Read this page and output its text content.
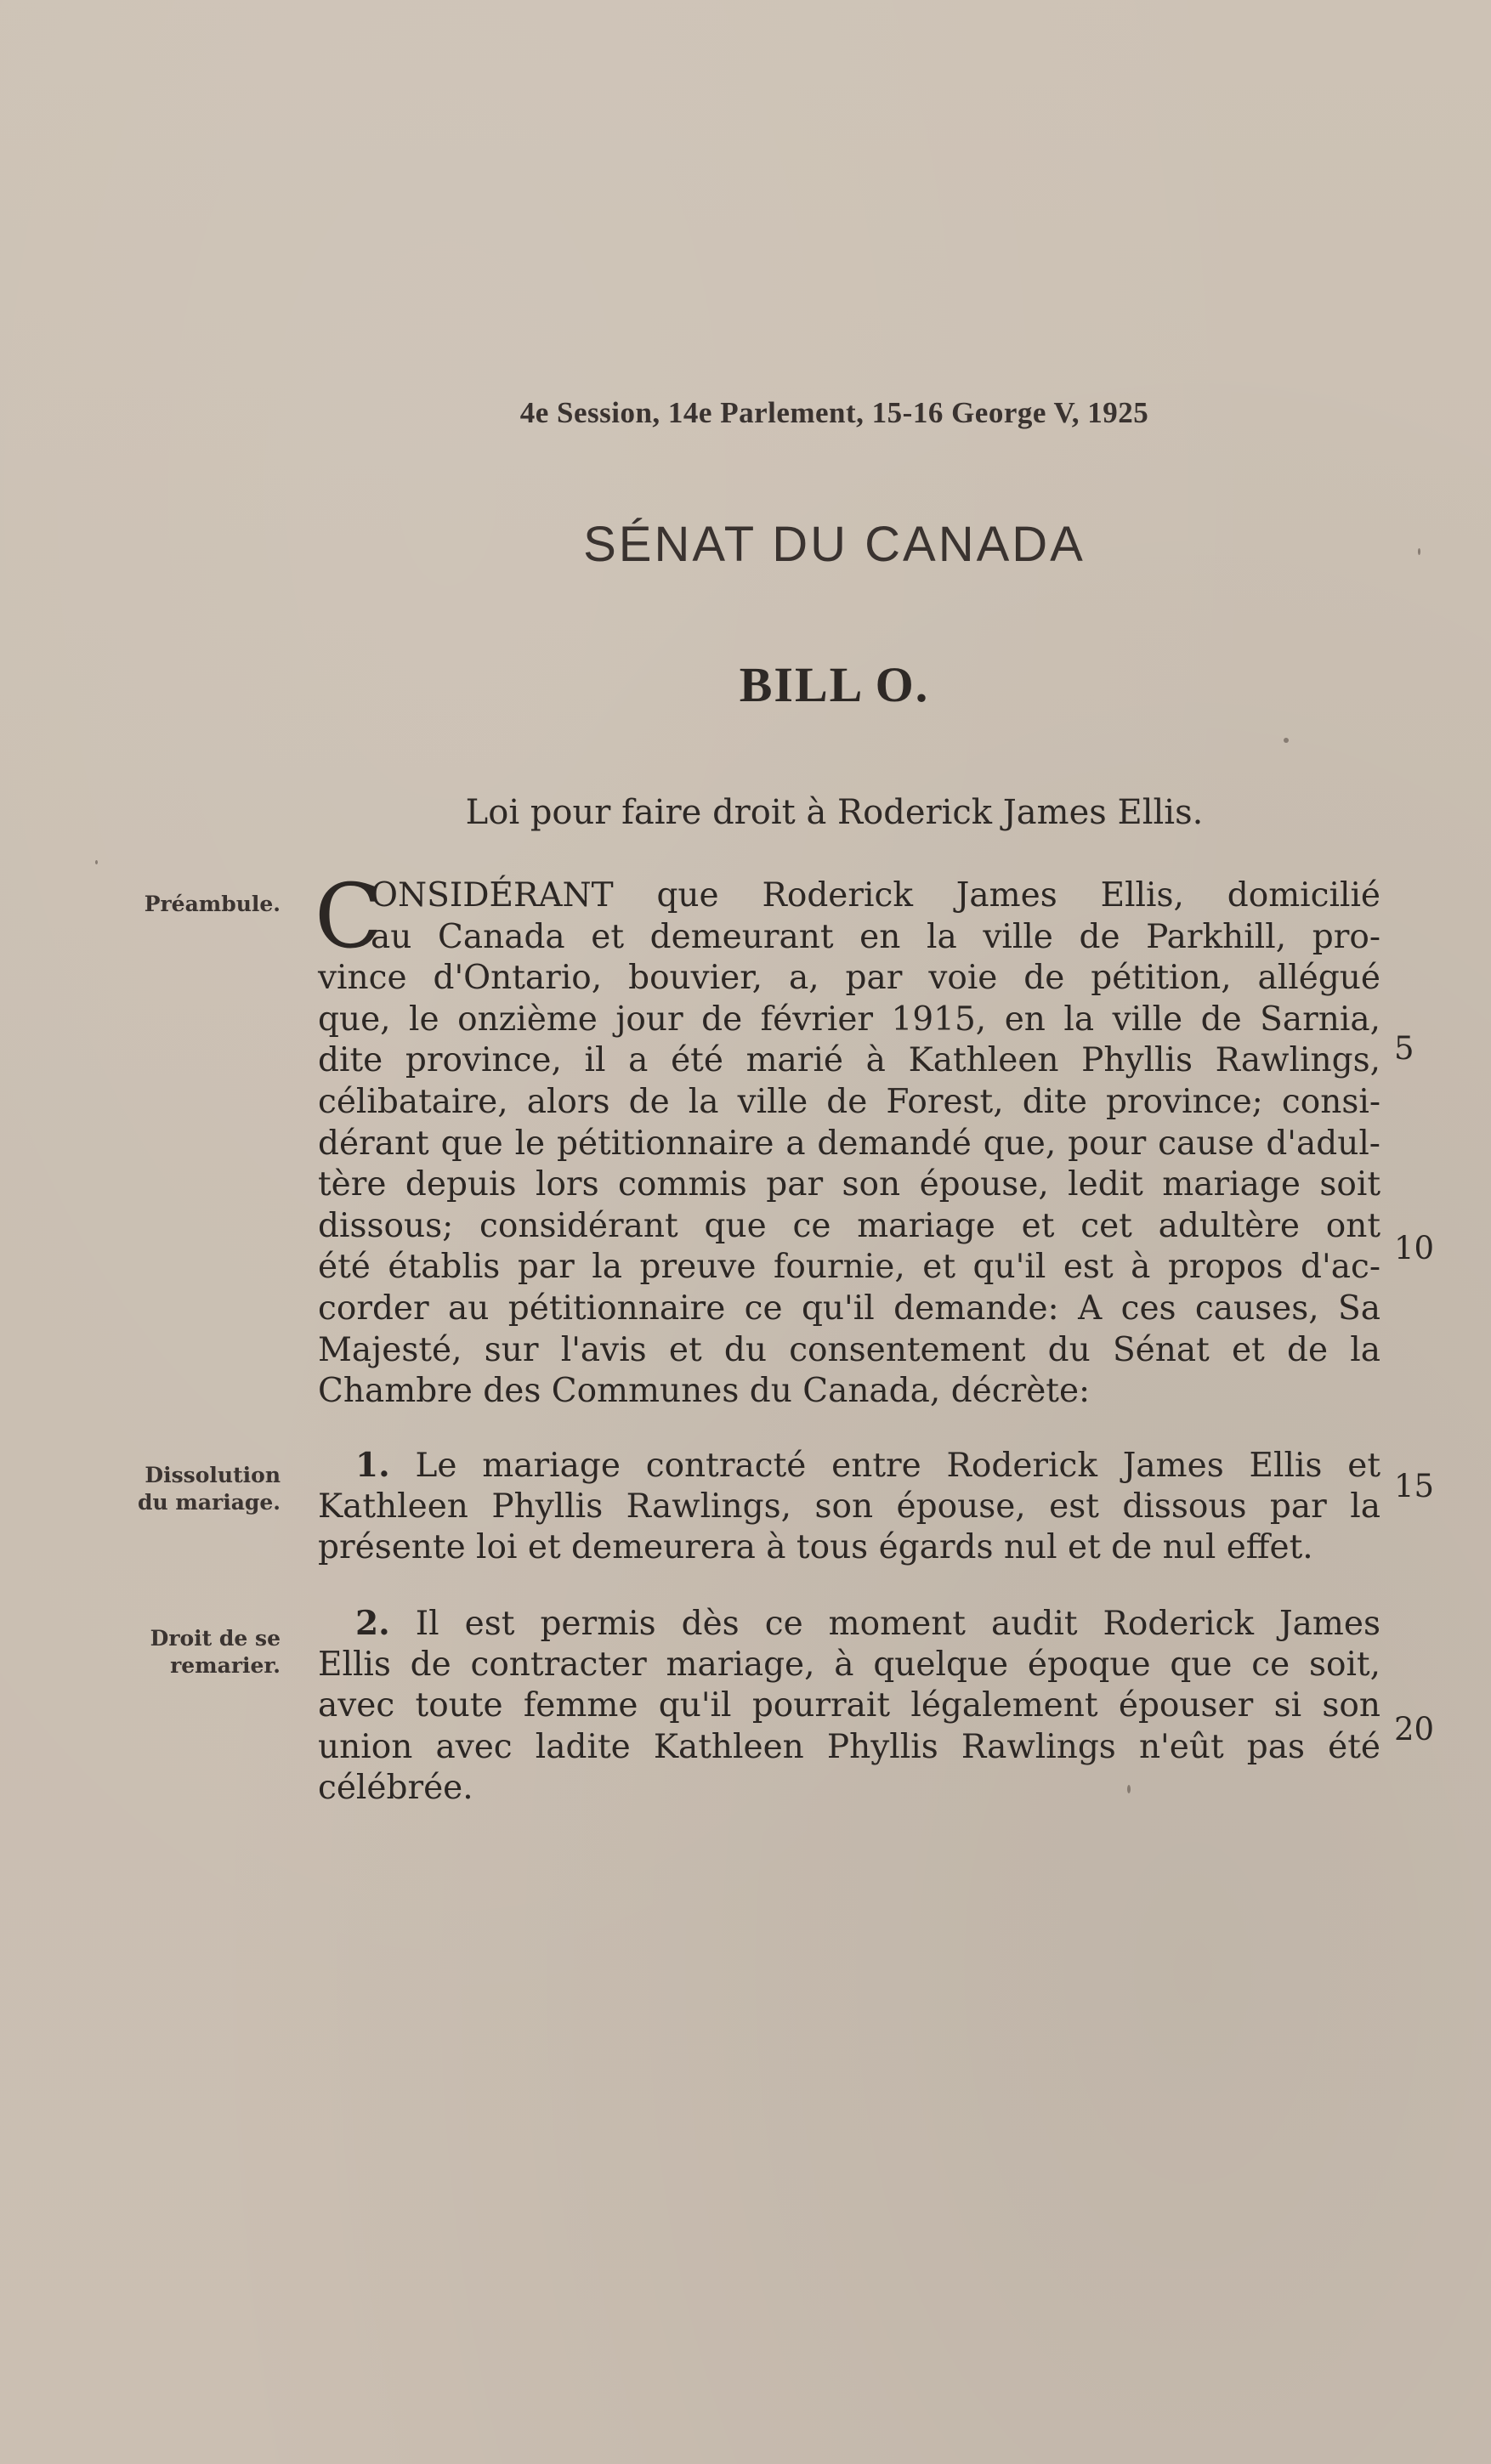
4e Session, 14e Parlement, 15-16 George V, 1925
SÉNAT DU CANADA
BILL O.
Loi pour faire droit à Roderick James Ellis.
Préambule.
Dissolution
du mariage.
Droit de se
remarier.
C
ONSIDÉRANT que Roderick James Ellis, domicilié
au Canada et demeurant en la ville de Parkhill, pro-
vince d'Ontario, bouvier, a, par voie de pétition, allégué
que, le onzième jour de février 1915, en la ville de Sarnia,
dite province, il a été marié à Kathleen Phyllis Rawlings,
célibataire, alors de la ville de Forest, dite province; consi-
dérant que le pétitionnaire a demandé que, pour cause d'adul-
tère depuis lors commis par son épouse, ledit mariage soit
dissous; considérant que ce mariage et cet adultère ont
été établis par la preuve fournie, et qu'il est à propos d'ac-
corder au pétitionnaire ce qu'il demande: A ces causes, Sa
Majesté, sur l'avis et du consentement du Sénat et de la
Chambre des Communes du Canada, décrète:
1. Le mariage contracté entre Roderick James Ellis et
Kathleen Phyllis Rawlings, son épouse, est dissous par la
présente loi et demeurera à tous égards nul et de nul effet.
2. Il est permis dès ce moment audit Roderick James
Ellis de contracter mariage, à quelque époque que ce soit,
avec toute femme qu'il pourrait légalement épouser si son
union avec ladite Kathleen Phyllis Rawlings n'eût pas été
célébrée.
5
10
15
20
